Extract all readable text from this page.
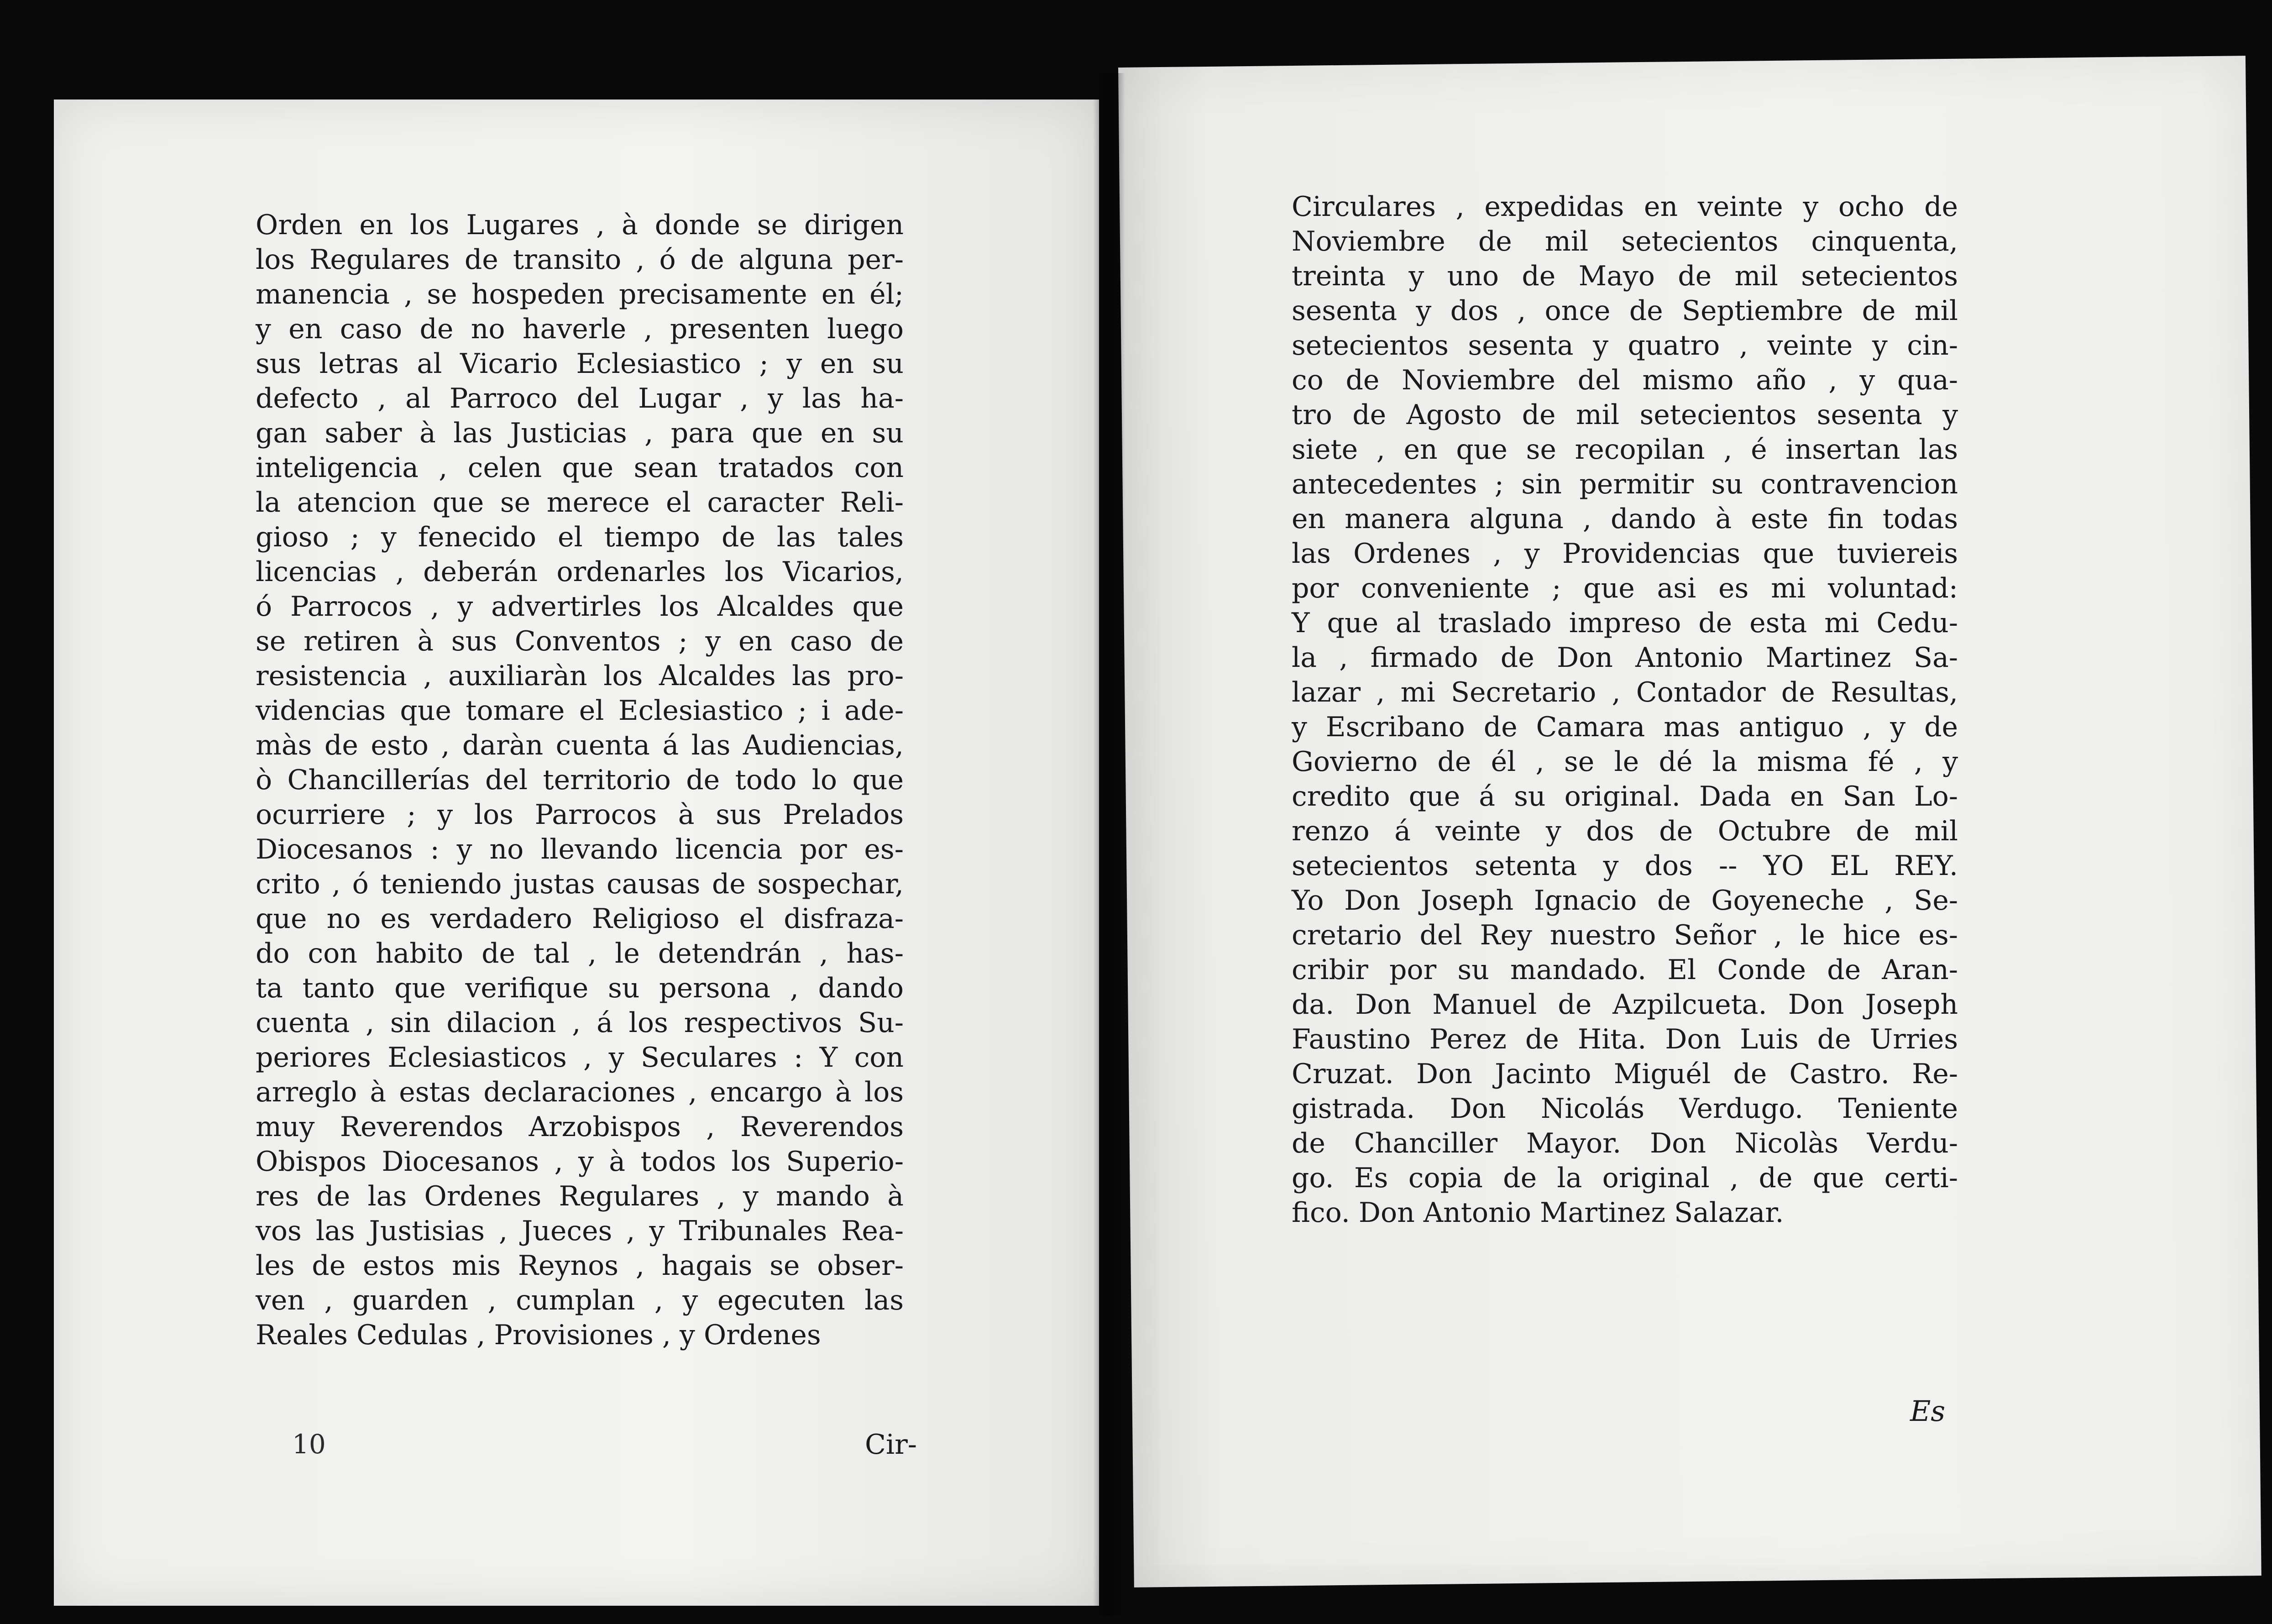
Orden en los Lugares , à donde se dirigen
los Regulares de transito , ó de alguna per-
manencia , se hospeden precisamente en él;
y en caso de no haverle , presenten luego
sus letras al Vicario Eclesiastico ; y en su
defecto , al Parroco del Lugar , y las ha-
gan saber à las Justicias , para que en su
inteligencia , celen que sean tratados con
la atencion que se merece el caracter Reli-
gioso ; y fenecido el tiempo de las tales
licencias , deberán ordenarles los Vicarios,
ó Parrocos , y advertirles los Alcaldes que
se retiren à sus Conventos ; y en caso de
resistencia , auxiliaràn los Alcaldes las pro-
videncias que tomare el Eclesiastico ; i ade-
màs de esto , daràn cuenta á las Audiencias,
ò Chancillerías del territorio de todo lo que
ocurriere ; y los Parrocos à sus Prelados
Diocesanos : y no llevando licencia por es-
crito , ó teniendo justas causas de sospechar,
que no es verdadero Religioso el disfraza-
do con habito de tal , le detendrán , has-
ta tanto que verifique su persona , dando
cuenta , sin dilacion , á los respectivos Su-
periores Eclesiasticos , y Seculares : Y con
arreglo à estas declaraciones , encargo à los
muy Reverendos Arzobispos , Reverendos
Obispos Diocesanos , y à todos los Superio-
res de las Ordenes Regulares , y mando à
vos las Justisias , Jueces , y Tribunales Rea-
les de estos mis Reynos , hagais se obser-
ven , guarden , cumplan , y egecuten las
Reales Cedulas , Provisiones , y Ordenes
10	Cir-
Circulares , expedidas en veinte y ocho de
Noviembre de mil setecientos cinquenta,
treinta y uno de Mayo de mil setecientos
sesenta y dos , once de Septiembre de mil
setecientos sesenta y quatro , veinte y cin-
co de Noviembre del mismo año , y qua-
tro de Agosto de mil setecientos sesenta y
siete , en que se recopilan , é insertan las
antecedentes ; sin permitir su contravencion
en manera alguna , dando à este fin todas
las Ordenes , y Providencias que tuviereis
por conveniente ; que asi es mi voluntad:
Y que al traslado impreso de esta mi Cedu-
la , firmado de Don Antonio Martinez Sa-
lazar , mi Secretario , Contador de Resultas,
y Escribano de Camara mas antiguo , y de
Govierno de él , se le dé la misma fé , y
credito que á su original. Dada en San Lo-
renzo á veinte y dos de Octubre de mil
setecientos setenta y dos -- YO EL REY.
Yo Don Joseph Ignacio de Goyeneche , Se-
cretario del Rey nuestro Señor , le hice es-
cribir por su mandado. El Conde de Aran-
da. Don Manuel de Azpilcueta. Don Joseph
Faustino Perez de Hita. Don Luis de Urries
Cruzat. Don Jacinto Miguél de Castro. Re-
gistrada. Don Nicolás Verdugo. Teniente
de Chanciller Mayor. Don Nicolàs Verdu-
go. Es copia de la original , de que certi-
fico. Don Antonio Martinez Salazar.
Es
